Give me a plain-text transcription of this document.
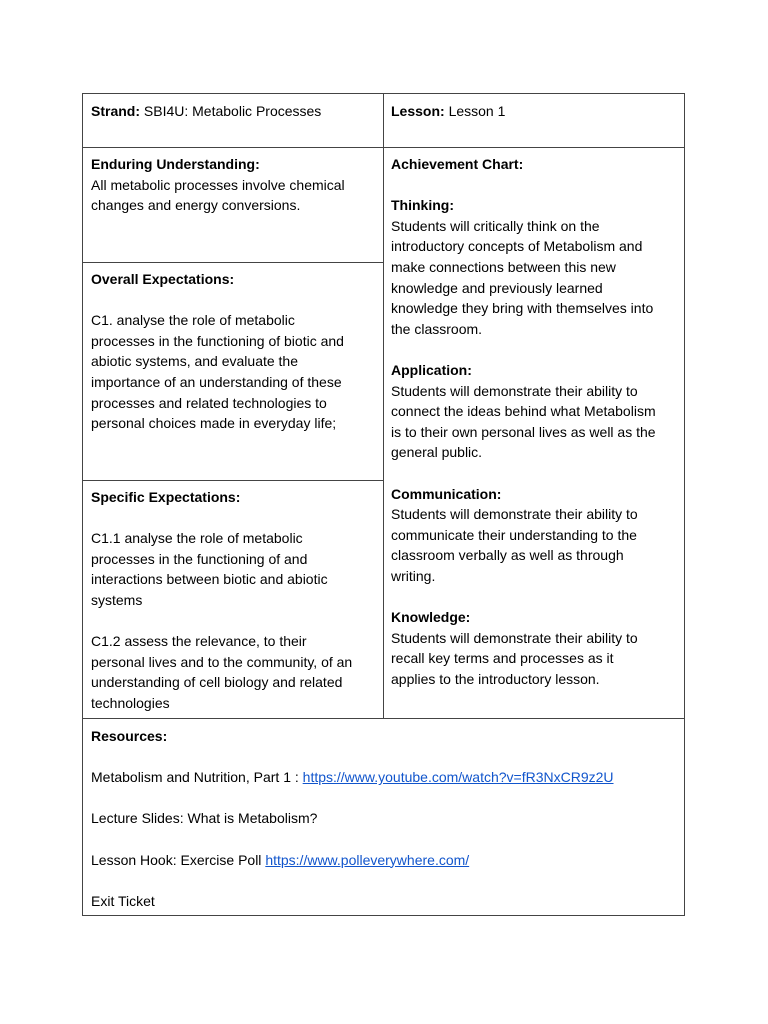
Strand: SBI4U: Metabolic Processes	Lesson: Lesson 1

Enduring Understanding:

All metabolic processes involve chemical

changes and energy conversions.

Overall Expectations:

C1. analyse the role of metabolic

processes in the functioning of biotic and

abiotic systems, and evaluate the

importance of an understanding of these

processes and related technologies to

personal choices made in everyday life;

Specific Expectations:

C1.1 analyse the role of metabolic

processes in the functioning of and

interactions between biotic and abiotic

systems

C1.2 assess the relevance, to their

personal lives and to the community, of an

understanding of cell biology and related

technologies

Achievement Chart:

Thinking:

Students will critically think on the

introductory concepts of Metabolism and

make connections between this new

knowledge and previously learned

knowledge they bring with themselves into

the classroom.

Application:

Students will demonstrate their ability to

connect the ideas behind what Metabolism

is to their own personal lives as well as the

general public.

Communication:

Students will demonstrate their ability to

communicate their understanding to the

classroom verbally as well as through

writing.

Knowledge:

Students will demonstrate their ability to

recall key terms and processes as it

applies to the introductory lesson.

Resources:

Metabolism and Nutrition, Part 1 : https://www.youtube.com/watch?v=fR3NxCR9z2U

Lecture Slides: What is Metabolism?

Lesson Hook: Exercise Poll https://www.polleverywhere.com/

Exit Ticket
